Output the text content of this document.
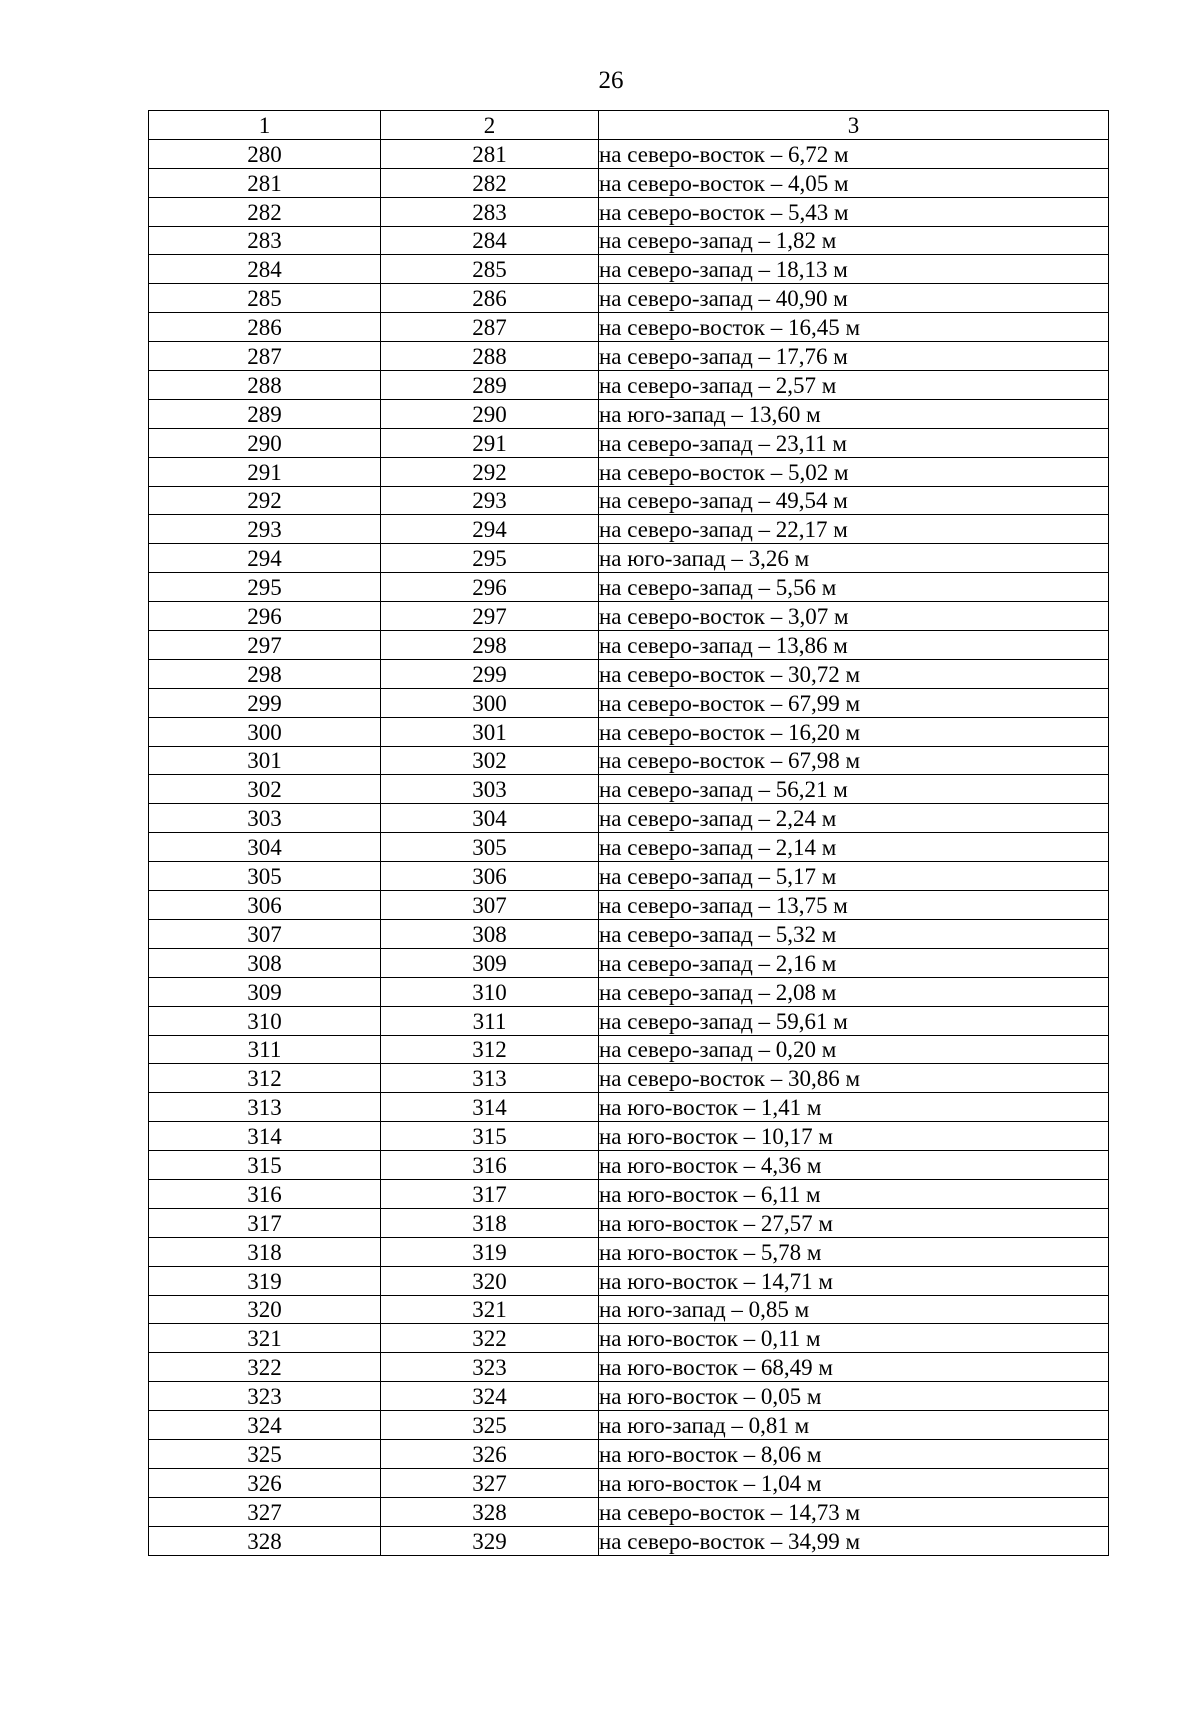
26
1	2	3
280	281	на северо-восток – 6,72 м
281	282	на северо-восток – 4,05 м
282	283	на северо-восток – 5,43 м
283	284	на северо-запад – 1,82 м
284	285	на северо-запад – 18,13 м
285	286	на северо-запад – 40,90 м
286	287	на северо-восток – 16,45 м
287	288	на северо-запад – 17,76 м
288	289	на северо-запад – 2,57 м
289	290	на юго-запад – 13,60 м
290	291	на северо-запад – 23,11 м
291	292	на северо-восток – 5,02 м
292	293	на северо-запад – 49,54 м
293	294	на северо-запад – 22,17 м
294	295	на юго-запад – 3,26 м
295	296	на северо-запад – 5,56 м
296	297	на северо-восток – 3,07 м
297	298	на северо-запад – 13,86 м
298	299	на северо-восток – 30,72 м
299	300	на северо-восток – 67,99 м
300	301	на северо-восток – 16,20 м
301	302	на северо-восток – 67,98 м
302	303	на северо-запад – 56,21 м
303	304	на северо-запад – 2,24 м
304	305	на северо-запад – 2,14 м
305	306	на северо-запад – 5,17 м
306	307	на северо-запад – 13,75 м
307	308	на северо-запад – 5,32 м
308	309	на северо-запад – 2,16 м
309	310	на северо-запад – 2,08 м
310	311	на северо-запад – 59,61 м
311	312	на северо-запад – 0,20 м
312	313	на северо-восток – 30,86 м
313	314	на юго-восток – 1,41 м
314	315	на юго-восток – 10,17 м
315	316	на юго-восток – 4,36 м
316	317	на юго-восток – 6,11 м
317	318	на юго-восток – 27,57 м
318	319	на юго-восток – 5,78 м
319	320	на юго-восток – 14,71 м
320	321	на юго-запад – 0,85 м
321	322	на юго-восток – 0,11 м
322	323	на юго-восток – 68,49 м
323	324	на юго-восток – 0,05 м
324	325	на юго-запад – 0,81 м
325	326	на юго-восток – 8,06 м
326	327	на юго-восток – 1,04 м
327	328	на северо-восток – 14,73 м
328	329	на северо-восток – 34,99 м
